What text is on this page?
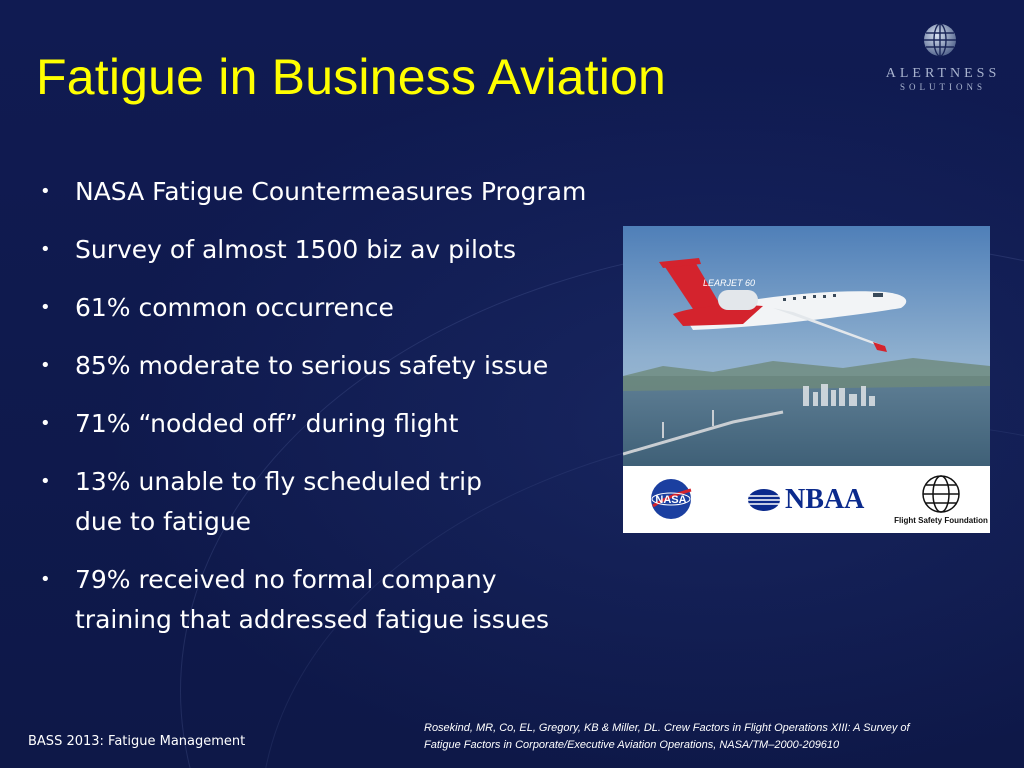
Fatigue in Business Aviation	ALERTNESS
SOLUTIONS
• NASA Fatigue Countermeasures Program
• Survey of almost 1500 biz av pilots
• 61% common occurrence
• 85% moderate to serious safety issue
• 71% “nodded off” during flight
• 13% unable to fly scheduled trip
due to fatigue
• 79% received no formal company
training that addressed fatigue issues
LEARJET 60
NASA	NBAA
Flight Safety Foundation
BASS 2013: Fatigue Management
Rosekind, MR, Co, EL, Gregory, KB & Miller, DL. Crew Factors in Flight Operations XIII: A Survey of
Fatigue Factors in Corporate/Executive Aviation Operations, NASA/TM–2000-209610
